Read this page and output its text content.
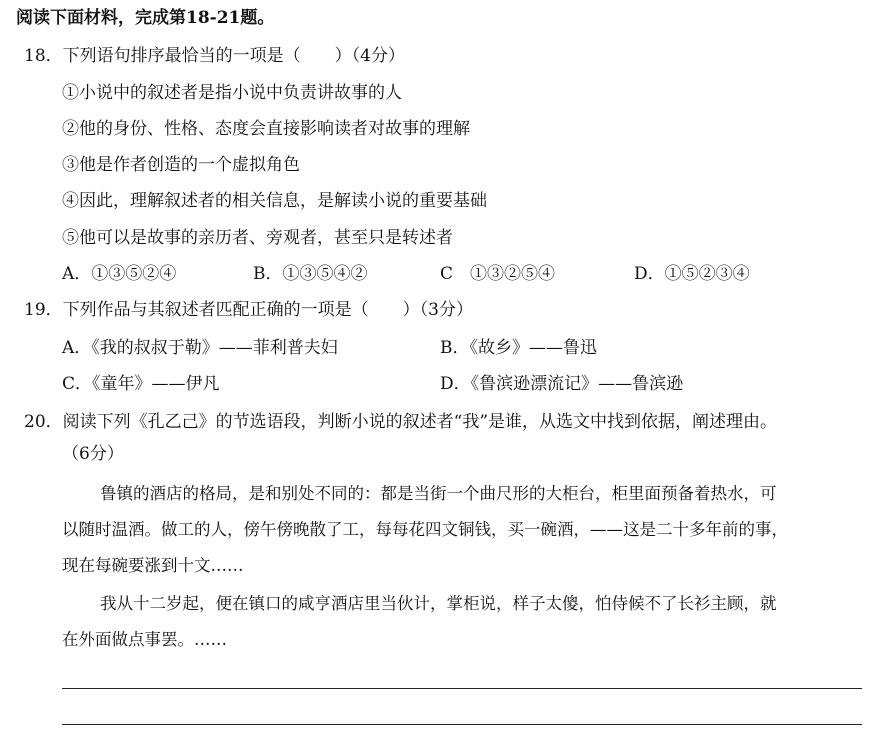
阅读下面材料，完成第18-21题。
18．下列语句排序最恰当的一项是（　　）（4分）
①小说中的叙述者是指小说中负责讲故事的人
②他的身份、性格、态度会直接影响读者对故事的理解
③他是作者创造的一个虚拟角色
④因此，理解叙述者的相关信息，是解读小说的重要基础
⑤他可以是故事的亲历者、旁观者，甚至只是转述者
A．①③⑤②④	B．①③⑤④②	C　①③②⑤④	D．①⑤②③④
19．下列作品与其叙述者匹配正确的一项是（　　）（3分）
A．《我的叔叔于勒》——菲利普夫妇	B．《故乡》——鲁迅
C．《童年》——伊凡	D．《鲁滨逊漂流记》——鲁滨逊
20．阅读下列《孔乙己》的节选语段，判断小说的叙述者“我”是谁，从选文中找到依据，阐述理由。
（6分）
鲁镇的酒店的格局，是和别处不同的：都是当街一个曲尺形的大柜台，柜里面预备着热水，可
以随时温酒。做工的人，傍午傍晚散了工，每每花四文铜钱，买一碗酒，——这是二十多年前的事，
现在每碗要涨到十文……
我从十二岁起，便在镇口的咸亨酒店里当伙计，掌柜说，样子太傻，怕侍候不了长衫主顾，就
在外面做点事罢。……
